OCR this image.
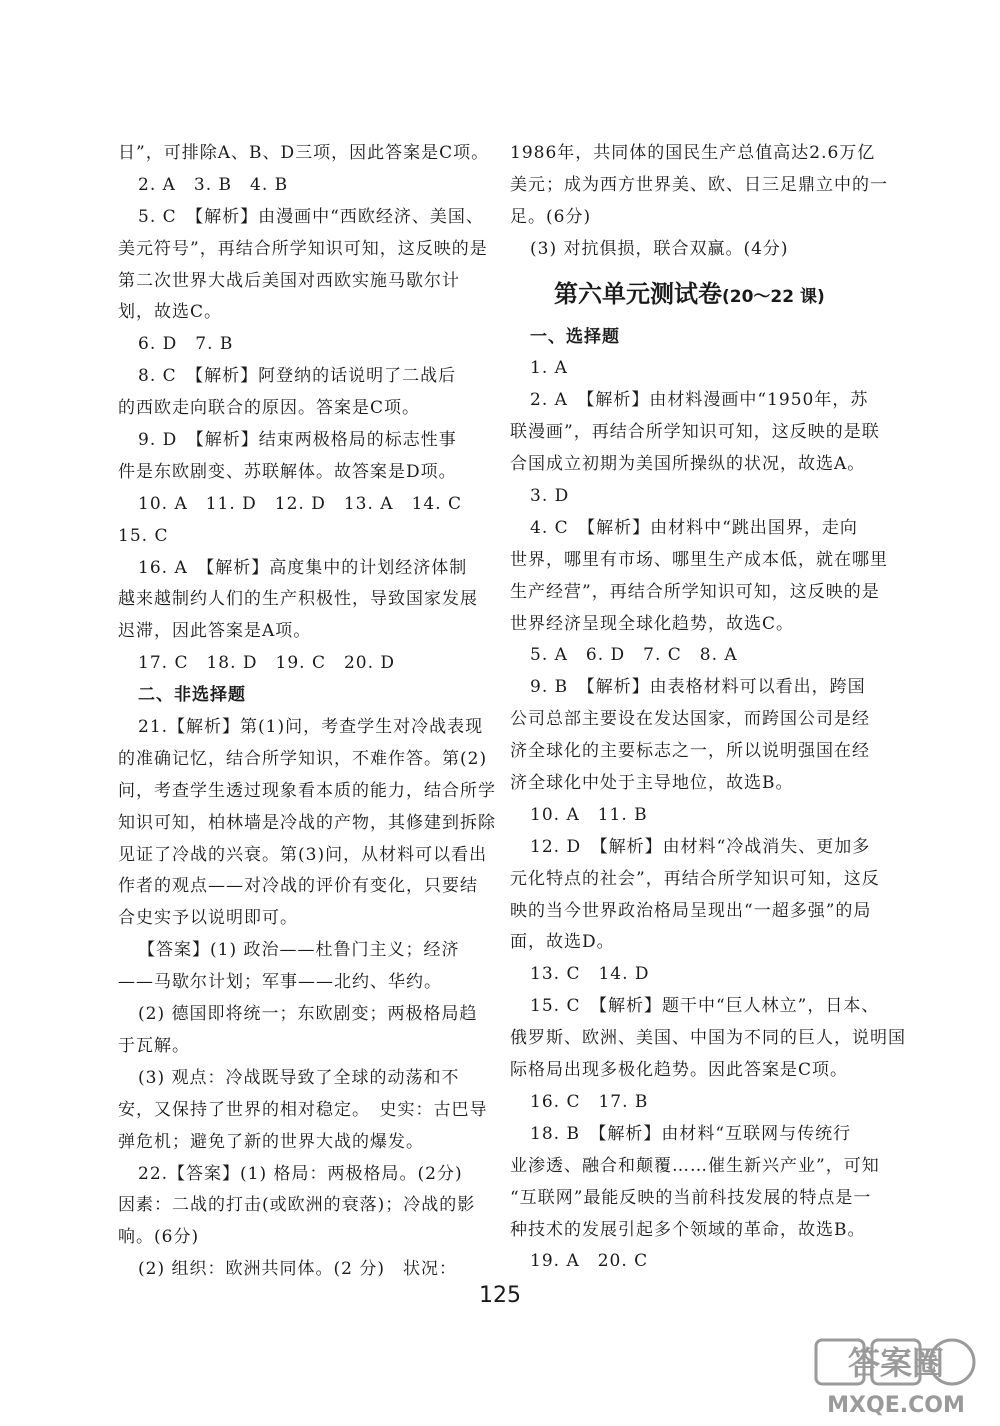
日”，可排除A、B、D三项，因此答案是C项。
2. A　3. B　4. B
5. C　【解析】由漫画中“西欧经济、美国、
美元符号”，再结合所学知识可知，这反映的是
第二次世界大战后美国对西欧实施马歇尔计
划，故选C。
6. D　7. B
8. C　【解析】阿登纳的话说明了二战后
的西欧走向联合的原因。答案是C项。
9. D　【解析】结束两极格局的标志性事
件是东欧剧变、苏联解体。故答案是D项。
10. A　11. D　12. D　13. A　14. C
15. C
16. A　【解析】高度集中的计划经济体制
越来越制约人们的生产积极性，导致国家发展
迟滞，因此答案是A项。
17. C　18. D　19. C　20. D
二、非选择题
21.【解析】第(1)问，考查学生对冷战表现
的准确记忆，结合所学知识，不难作答。第(2)
问，考查学生透过现象看本质的能力，结合所学
知识可知，柏林墙是冷战的产物，其修建到拆除
见证了冷战的兴衰。第(3)问，从材料可以看出
作者的观点——对冷战的评价有变化，只要结
合史实予以说明即可。
【答案】(1) 政治——杜鲁门主义；经济
——马歇尔计划；军事——北约、华约。
(2) 德国即将统一；东欧剧变；两极格局趋
于瓦解。
(3) 观点：冷战既导致了全球的动荡和不
安，又保持了世界的相对稳定。　史实：古巴导
弹危机；避免了新的世界大战的爆发。
22.【答案】(1) 格局：两极格局。(2分)
因素：二战的打击(或欧洲的衰落)；冷战的影
响。(6分)
(2) 组织：欧洲共同体。(2 分)　状况：
1986年，共同体的国民生产总值高达2.6万亿
美元；成为西方世界美、欧、日三足鼎立中的一
足。(6分)
(3) 对抗俱损，联合双赢。(4分)
第六单元测试卷(20～22 课)
一、选择题
1. A
2. A　【解析】由材料漫画中“1950年，苏
联漫画”，再结合所学知识可知，这反映的是联
合国成立初期为美国所操纵的状况，故选A。
3. D
4. C　【解析】由材料中“跳出国界，走向
世界，哪里有市场、哪里生产成本低，就在哪里
生产经营”，再结合所学知识可知，这反映的是
世界经济呈现全球化趋势，故选C。
5. A　6. D　7. C　8. A
9. B　【解析】由表格材料可以看出，跨国
公司总部主要设在发达国家，而跨国公司是经
济全球化的主要标志之一，所以说明强国在经
济全球化中处于主导地位，故选B。
10. A　11. B
12. D　【解析】由材料“冷战消失、更加多
元化特点的社会”，再结合所学知识可知，这反
映的当今世界政治格局呈现出“一超多强”的局
面，故选D。
13. C　14. D
15. C　【解析】题干中“巨人林立”，日本、
俄罗斯、欧洲、美国、中国为不同的巨人，说明国
际格局出现多极化趋势。因此答案是C项。
16. C　17. B
18. B　【解析】由材料“互联网与传统行
业渗透、融合和颠覆……催生新兴产业”，可知
“互联网”最能反映的当前科技发展的特点是一
种技术的发展引起多个领域的革命，故选B。
19. A　20. C
125
答案圈
MXQE.COM
